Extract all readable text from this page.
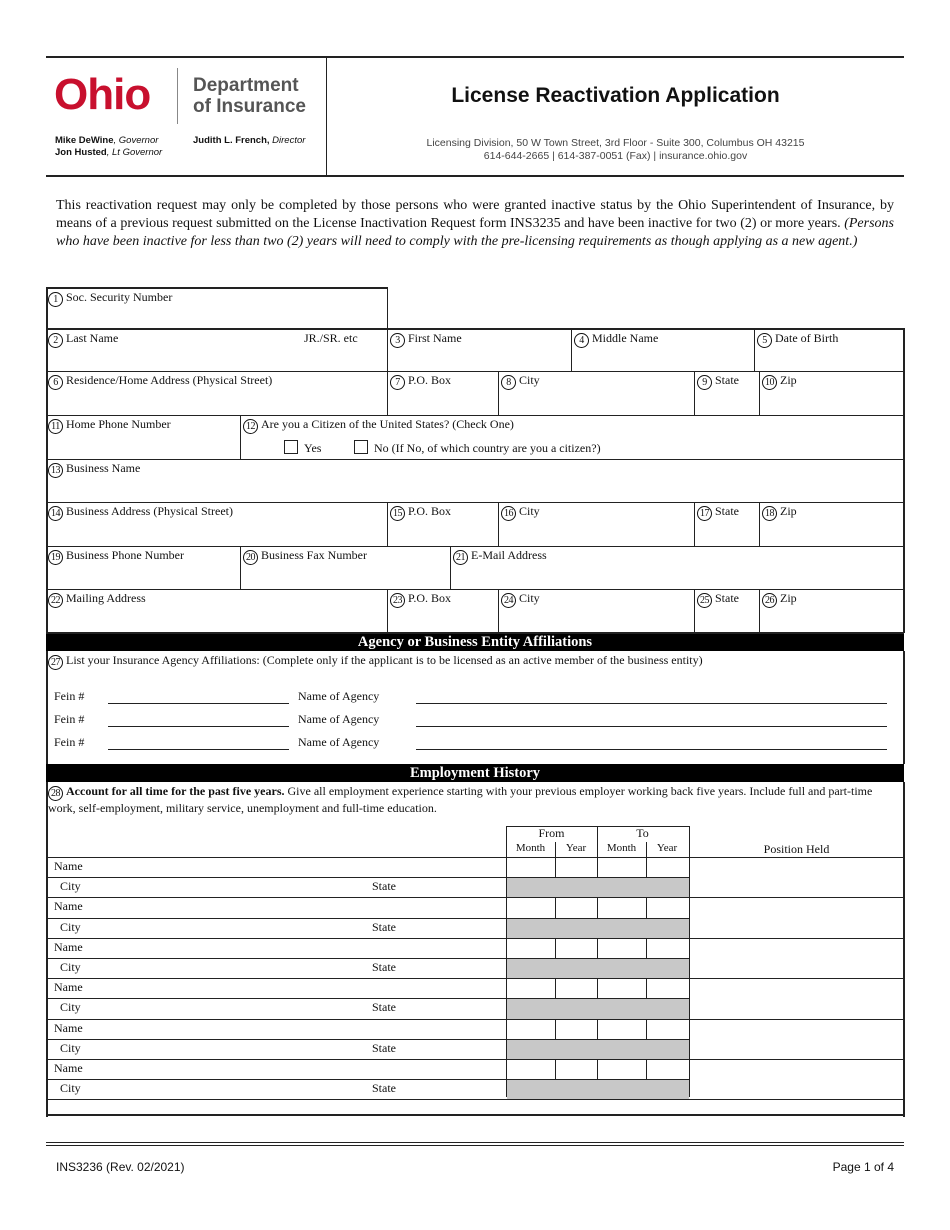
Ohio Department
of Insurance
Mike DeWine, Governor
Jon Husted, Lt Governor
Judith L. French, Director
License Reactivation Application
Licensing Division, 50 W Town Street, 3rd Floor - Suite 300, Columbus OH 43215
614-644-2665 | 614-387-0051 (Fax) | insurance.ohio.gov
This reactivation request may only be completed by those persons who were granted inactive status by the Ohio Superintendent of Insurance, by means of a previous request submitted on the License Inactivation Request form INS3235 and have been inactive for two (2) or more years. (Persons who have been inactive for less than two (2) years will need to comply with the pre-licensing requirements as though applying as a new agent.)
1 Soc. Security Number
2 Last Name	JR./SR. etc	3 First Name	4 Middle Name	5 Date of Birth
6 Residence/Home Address (Physical Street)	7 P.O. Box	8 City	9 State	10 Zip
11 Home Phone Number	12 Are you a Citizen of the United States? (Check One)
Yes	No (If No, of which country are you a citizen?)
13 Business Name
14 Business Address (Physical Street)	15 P.O. Box	16 City	17 State	18 Zip
19 Business Phone Number	20 Business Fax Number	21 E-Mail Address
22 Mailing Address	23 P.O. Box	24 City	25 State	26 Zip
Agency or Business Entity Affiliations
27 List your Insurance Agency Affiliations: (Complete only if the applicant is to be licensed as an active member of the business entity)
Fein #	Name of Agency
Fein #	Name of Agency
Fein #	Name of Agency
Employment History
28 Account for all time for the past five years. Give all employment experience starting with your previous employer working back five years. Include full and part-time work, self-employment, military service, unemployment and full-time education.
From	To
Month	Year	Month	Year	Position Held
Name
City	State
Name
City	State
Name
City	State
Name
City	State
Name
City	State
Name
City	State
INS3236 (Rev. 02/2021)	Page 1 of 4
